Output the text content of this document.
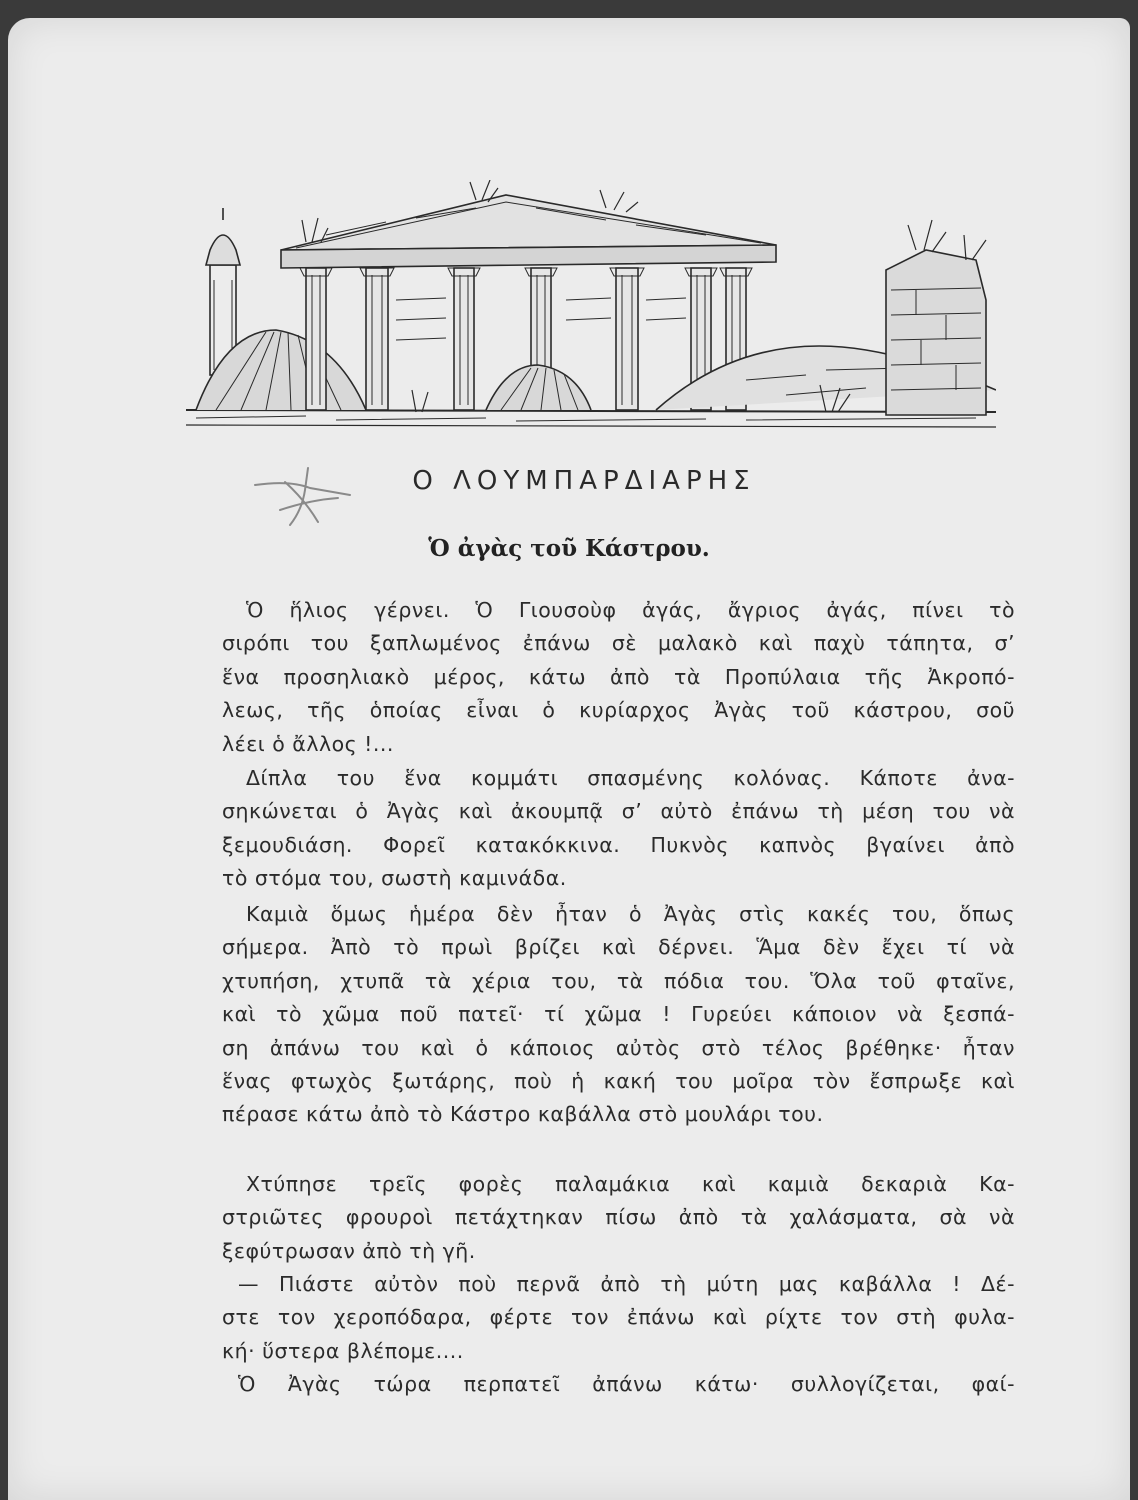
Ο ΛΟΥΜΠΑΡΔΙΑΡΗΣ
Ὁ ἀγὰς τοῦ Κάστρου.
Ὁ ἥλιος γέρνει. Ὁ Γιουσοὺφ ἀγάς, ἄγριος ἀγάς, πίνει τὸ
σιρόπι του ξαπλωμένος ἐπάνω σὲ μαλακὸ καὶ παχὺ τάπητα, σ’
ἕνα προσηλιακὸ μέρος, κάτω ἀπὸ τὰ Προπύλαια τῆς Ἀκροπό-
λεως, τῆς ὁποίας εἶναι ὁ κυρίαρχος Ἀγὰς τοῦ κάστρου, σοῦ
λέει ὁ ἄλλος !...
Δίπλα του ἕνα κομμάτι σπασμένης κολόνας. Κάποτε ἀνα-
σηκώνεται ὁ Ἀγὰς καὶ ἀκουμπᾷ σ’ αὐτὸ ἐπάνω τὴ μέση του νὰ
ξεμουδιάση. Φορεῖ κατακόκκινα. Πυκνὸς καπνὸς βγαίνει ἀπὸ
τὸ στόμα του, σωστὴ καμινάδα.
Καμιὰ ὅμως ἡμέρα δὲν ἦταν ὁ Ἀγὰς στὶς κακές του, ὅπως
σήμερα. Ἀπὸ τὸ πρωὶ βρίζει καὶ δέρνει. Ἅμα δὲν ἔχει τί νὰ
χτυπήση, χτυπᾶ τὰ χέρια του, τὰ πόδια του. Ὅλα τοῦ φταῖνε,
καὶ τὸ χῶμα ποῦ πατεῖ· τί χῶμα ! Γυρεύει κάποιον νὰ ξεσπά-
ση ἀπάνω του καὶ ὁ κάποιος αὐτὸς στὸ τέλος βρέθηκε· ἦταν
ἕνας φτωχὸς ξωτάρης, ποὺ ἡ κακή του μοῖρα τὸν ἔσπρωξε καὶ
πέρασε κάτω ἀπὸ τὸ Κάστρο καβάλλα στὸ μουλάρι του.
Χτύπησε τρεῖς φορὲς παλαμάκια καὶ καμιὰ δεκαριὰ Κα-
στριῶτες φρουροὶ πετάχτηκαν πίσω ἀπὸ τὰ χαλάσματα, σὰ νὰ
ξεφύτρωσαν ἀπὸ τὴ γῆ.
— Πιάστε αὐτὸν ποὺ περνᾶ ἀπὸ τὴ μύτη μας καβάλλα ! Δέ-
στε τον χεροπόδαρα, φέρτε τον ἐπάνω καὶ ρίχτε τον στὴ φυλα-
κή· ὕστερα βλέπομε....
Ὁ Ἀγὰς τώρα περπατεῖ ἀπάνω κάτω· συλλογίζεται, φαί-
